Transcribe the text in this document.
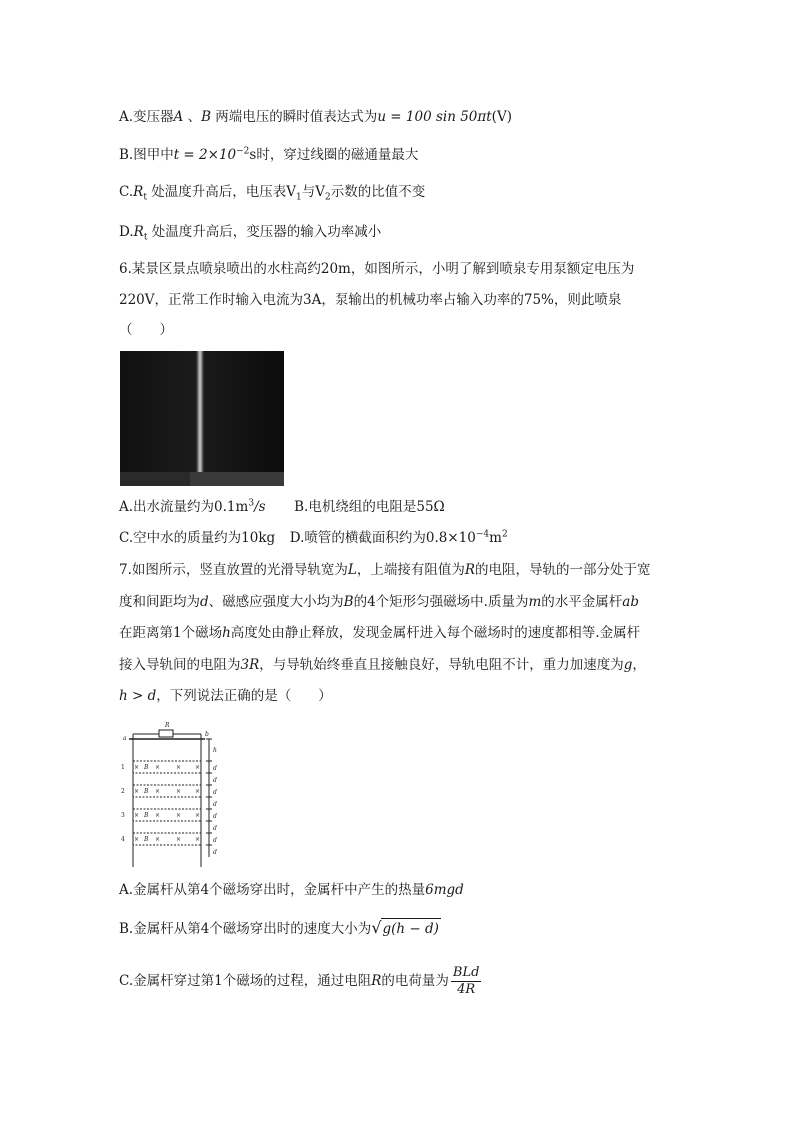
A.变压器A 、B 两端电压的瞬时值表达式为u = 100 sin 50πt(V)
B.图甲中$t = 2\times 10^{-2}s$时，穿过线圈的磁通量最大
$C.R_t$ 处温度升高后，电压表$V_1$与$V_2$示数的比值不变
$D.R_t$ 处温度升高后，变压器的输入功率减小
6.某景区景点喷泉喷出的水柱高约20m，如图所示，小明了解到喷泉专用泵额定电压为
220V，正常工作时输入电流为3A，泵输出的机械功率占输入功率的75%，则此喷泉
（　　）
A.出水流量约为$0.1m^3/s$ B.电机绕组的电阻是55Ω
C.空中水的质量约为10kg D.喷管的横截面积约为$0.8\times 10^{-4}m^2$
7.如图所示，竖直放置的光滑导轨宽为L，上端接有阻值为R的电阻，导轨的一部分处于宽
度和间距均为d、磁感应强度大小均为B的4个矩形匀强磁场中.质量为m的水平金属杆ab
在距离第1个磁场h高度处由静止释放，发现金属杆进入每个磁场时的速度都相等.金属杆
接入导轨间的电阻为3R，与导轨始终垂直且接触良好，导轨电阻不计，重力加速度为g，
h > d，下列说法正确的是（　　）
R
a
b
h
d
d
d
d
d
d
d
d
1
2
3
4
× B ×	× ×
× B ×	× ×
× B ×	× ×
× B ×	× ×
A.金属杆从第4个磁场穿出时，金属杆中产生的热量6mgd
B.金属杆从第4个磁场穿出时的速度大小为√g(h − d)
C.金属杆穿过第1个磁场的过程，通过电阻R的电荷量为 $\frac{\text{BLd}}{4R}$
